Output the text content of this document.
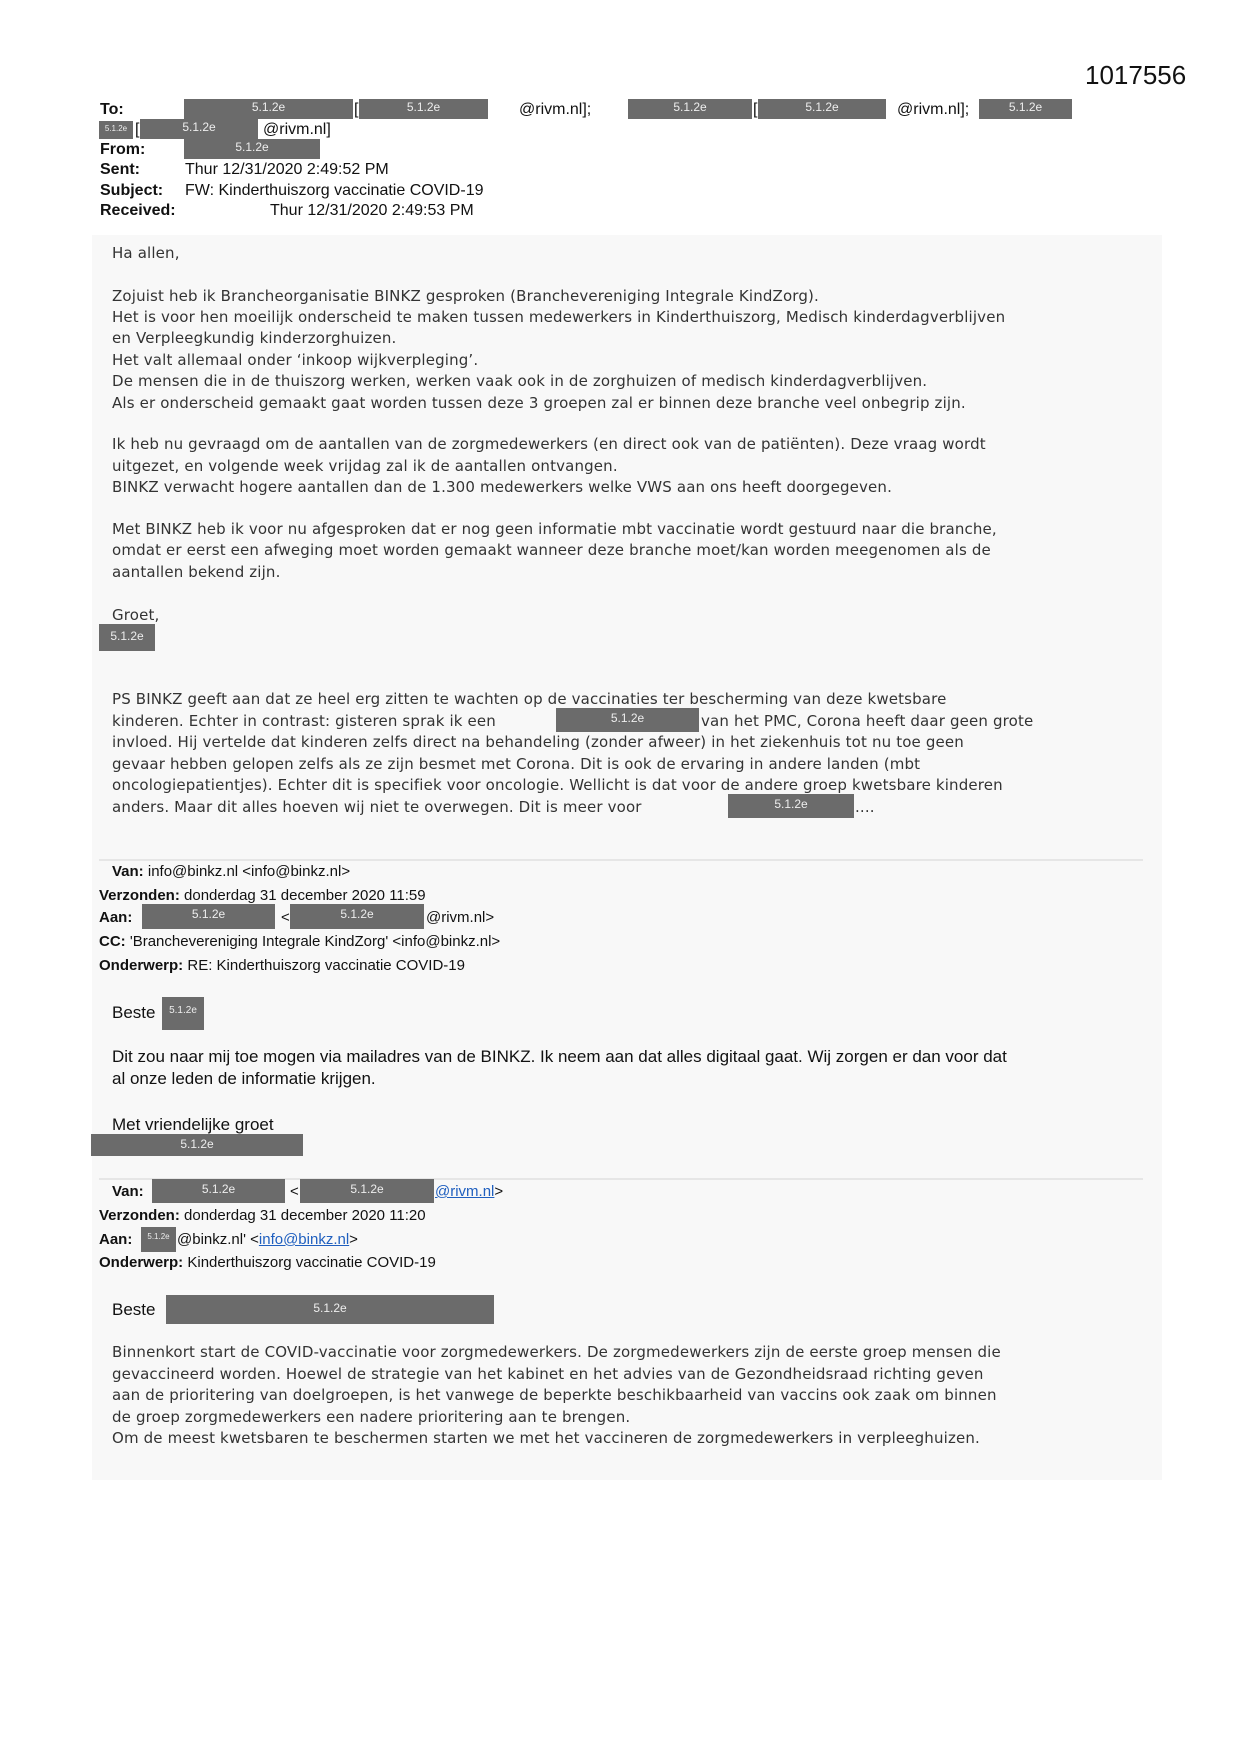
1017556
To:	5.1.2e	[	5.1.2e	@rivm.nl];	5.1.2e	[	5.1.2e	@rivm.nl];	5.1.2e
5.1.2e [	5.1.2e	@rivm.nl]
From:	5.1.2e
Sent:	Thur 12/31/2020 2:49:52 PM
Subject: FW: Kinderthuiszorg vaccinatie COVID-19
Received:	Thur 12/31/2020 2:49:53 PM
Ha allen,
Zojuist heb ik Brancheorganisatie BINKZ gesproken (Branchevereniging Integrale KindZorg).
Het is voor hen moeilijk onderscheid te maken tussen medewerkers in Kinderthuiszorg, Medisch kinderdagverblijven
en Verpleegkundig kinderzorghuizen.
Het valt allemaal onder ‘inkoop wijkverpleging’.
De mensen die in de thuiszorg werken, werken vaak ook in de zorghuizen of medisch kinderdagverblijven.
Als er onderscheid gemaakt gaat worden tussen deze 3 groepen zal er binnen deze branche veel onbegrip zijn.
Ik heb nu gevraagd om de aantallen van de zorgmedewerkers (en direct ook van de patiënten). Deze vraag wordt
uitgezet, en volgende week vrijdag zal ik de aantallen ontvangen.
BINKZ verwacht hogere aantallen dan de 1.300 medewerkers welke VWS aan ons heeft doorgegeven.
Met BINKZ heb ik voor nu afgesproken dat er nog geen informatie mbt vaccinatie wordt gestuurd naar die branche,
omdat er eerst een afweging moet worden gemaakt wanneer deze branche moet/kan worden meegenomen als de
aantallen bekend zijn.
Groet,
5.1.2e
PS BINKZ geeft aan dat ze heel erg zitten te wachten op de vaccinaties ter bescherming van deze kwetsbare
kinderen. Echter in contrast: gisteren sprak ik een	5.1.2e	van het PMC, Corona heeft daar geen grote
invloed. Hij vertelde dat kinderen zelfs direct na behandeling (zonder afweer) in het ziekenhuis tot nu toe geen
gevaar hebben gelopen zelfs als ze zijn besmet met Corona. Dit is ook de ervaring in andere landen (mbt
oncologiepatientjes). Echter dit is specifiek voor oncologie. Wellicht is dat voor de andere groep kwetsbare kinderen
anders. Maar dit alles hoeven wij niet te overwegen. Dit is meer voor	5.1.2e	....
Van: info@binkz.nl <info@binkz.nl>
Verzonden: donderdag 31 december 2020 11:59
Aan:	5.1.2e	<	5.1.2e	@rivm.nl>
CC: 'Branchevereniging Integrale KindZorg' <info@binkz.nl>
Onderwerp: RE: Kinderthuiszorg vaccinatie COVID-19
Beste	5.1.2e
Dit zou naar mij toe mogen via mailadres van de BINKZ. Ik neem aan dat alles digitaal gaat. Wij zorgen er dan voor dat
al onze leden de informatie krijgen.
Met vriendelijke groet
5.1.2e
Van:	5.1.2e	<	5.1.2e	@rivm.nl>
Verzonden: donderdag 31 december 2020 11:20
Aan:	5.1.2e @binkz.nl' <info@binkz.nl>
Onderwerp: Kinderthuiszorg vaccinatie COVID-19
Beste	5.1.2e
Binnenkort start de COVID-vaccinatie voor zorgmedewerkers. De zorgmedewerkers zijn de eerste groep mensen die
gevaccineerd worden. Hoewel de strategie van het kabinet en het advies van de Gezondheidsraad richting geven
aan de prioritering van doelgroepen, is het vanwege de beperkte beschikbaarheid van vaccins ook zaak om binnen
de groep zorgmedewerkers een nadere prioritering aan te brengen.
Om de meest kwetsbaren te beschermen starten we met het vaccineren de zorgmedewerkers in verpleeghuizen.
